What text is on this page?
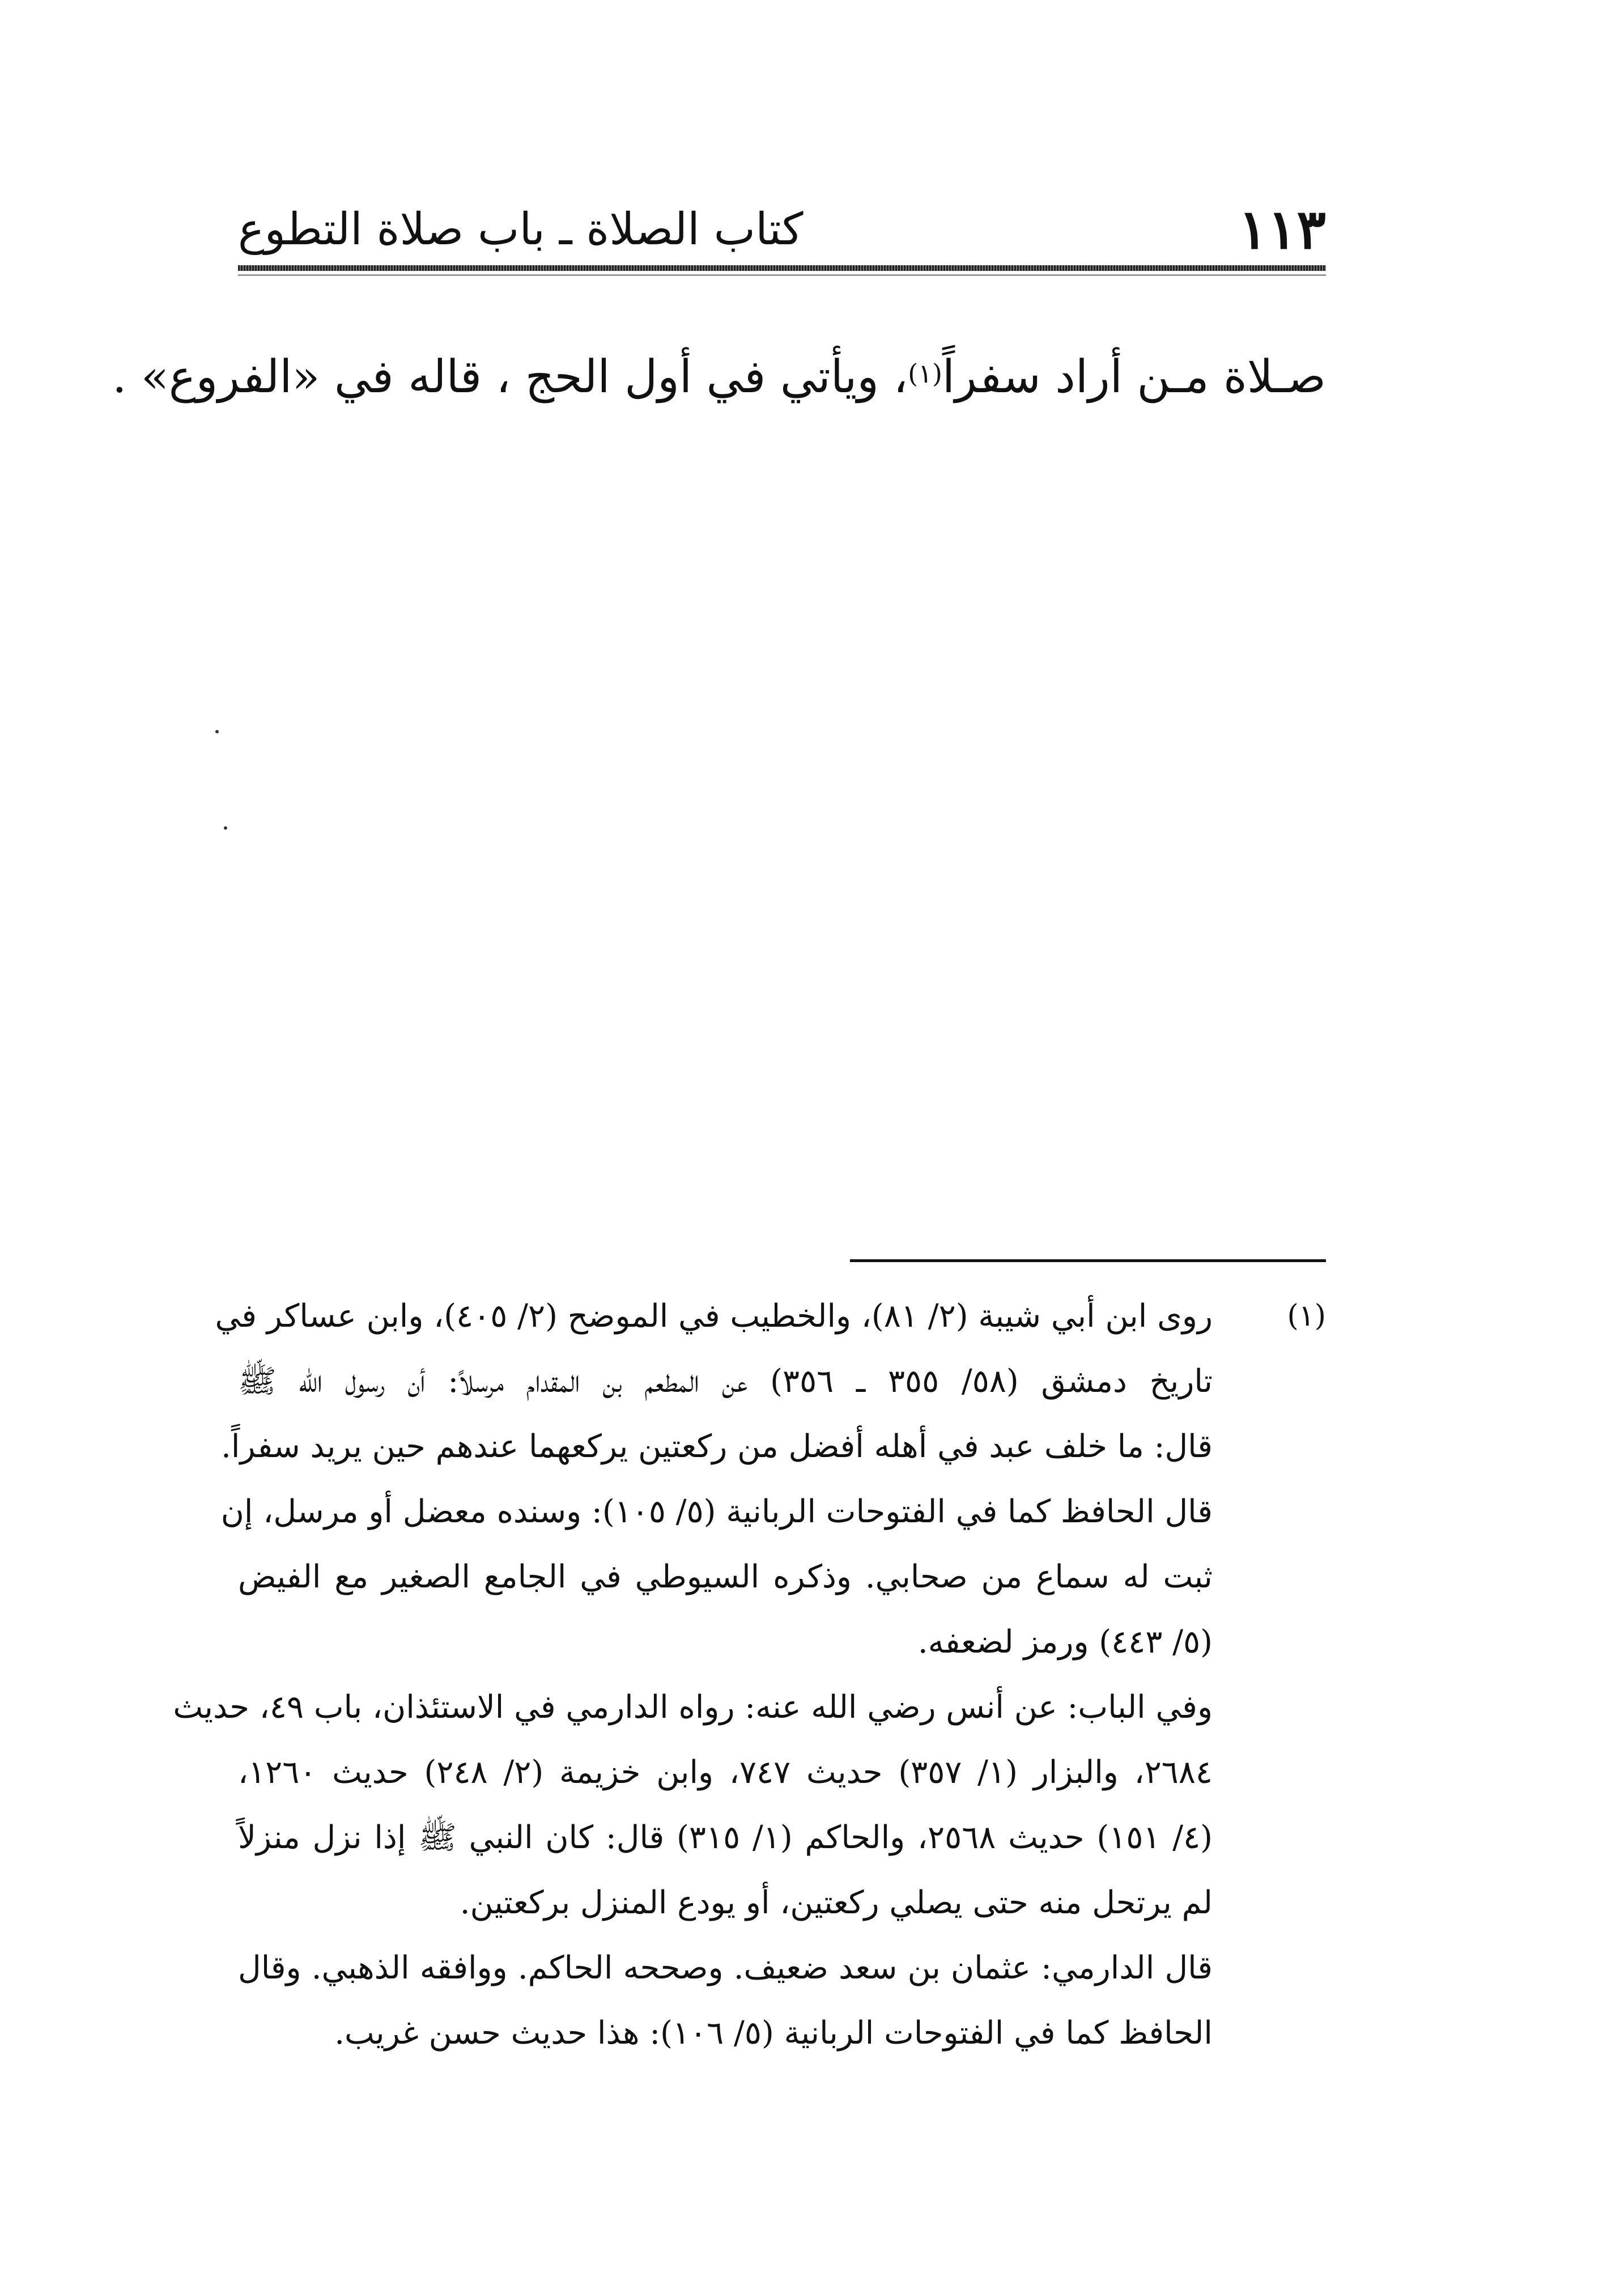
١١٣
كتاب الصلاة ـ باب صلاة التطوع
صـلاة مـن أراد سفراً$^{(١)}$، ويأتي في أول الحج ، قاله في «الفروع» .
(١)
روى ابن أبي شيبة (٢/ ٨١)، والخطيب في الموضح (٢/ ٤٠٥)، وابن عساكر في
تاريخ دمشق (٥٨/ ٣٥٥ ـ ٣٥٦) عن المطعم بن المقدام مرسلاً: أن رسول الله ﷺ
قال: ما خلف عبد في أهله أفضل من ركعتين يركعهما عندهم حين يريد سفراً.
قال الحافظ كما في الفتوحات الربانية (٥/ ١٠٥): وسنده معضل أو مرسل، إن
ثبت له سماع من صحابي. وذكره السيوطي في الجامع الصغير مع الفيض
(٥/ ٤٤٣) ورمز لضعفه.
وفي الباب: عن أنس رضي الله عنه: رواه الدارمي في الاستئذان، باب ٤٩، حديث
٢٦٨٤، والبزار (١/ ٣٥٧) حديث ٧٤٧، وابن خزيمة (٢/ ٢٤٨) حديث ١٢٦٠،
(٤/ ١٥١) حديث ٢٥٦٨، والحاكم (١/ ٣١٥) قال: كان النبي ﷺ إذا نزل منزلاً
لم يرتحل منه حتى يصلي ركعتين، أو يودع المنزل بركعتين.
قال الدارمي: عثمان بن سعد ضعيف. وصححه الحاكم. ووافقه الذهبي. وقال
الحافظ كما في الفتوحات الربانية (٥/ ١٠٦): هذا حديث حسن غريب.
